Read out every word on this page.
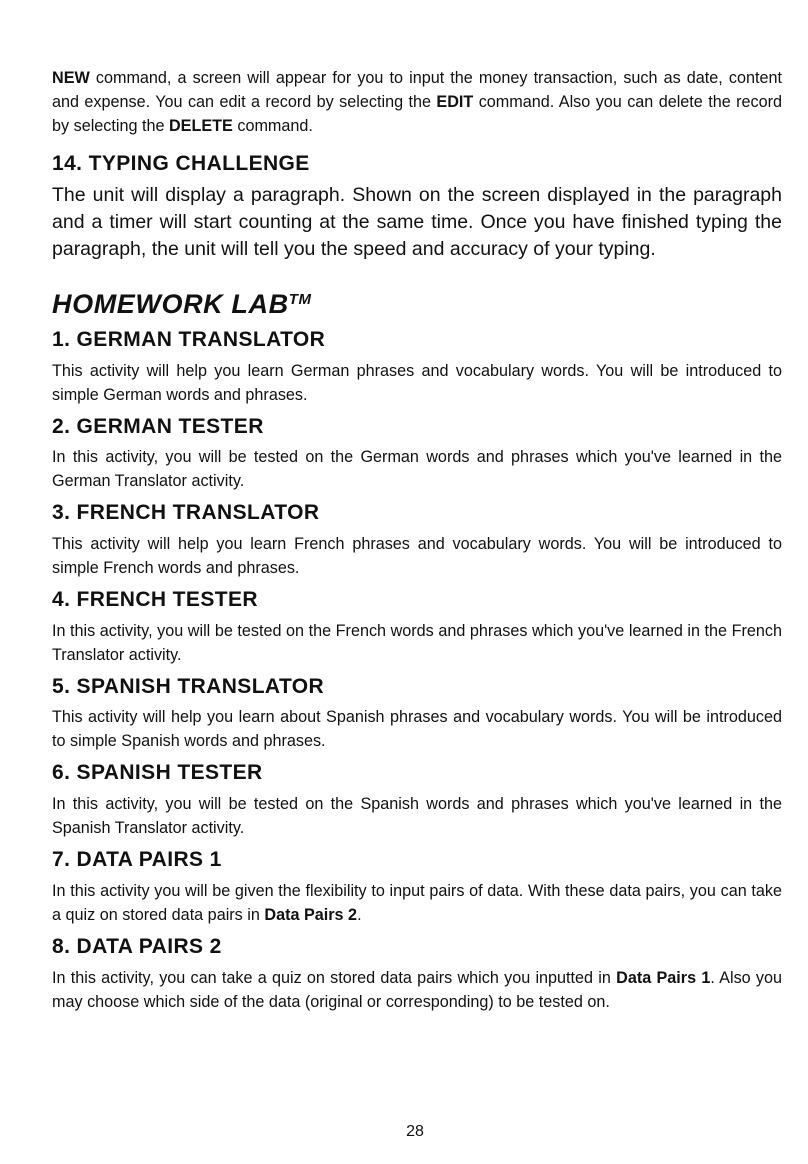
NEW command, a screen will appear for you to input the money transaction, such as date, content and expense. You can edit a record by selecting the EDIT command. Also you can delete the record by selecting the DELETE command.

14. TYPING CHALLENGE

The unit will display a paragraph. Shown on the screen displayed in the paragraph and a timer will start counting at the same time. Once you have finished typing the paragraph, the unit will tell you the speed and accuracy of your typing.

HOMEWORK LAB™
1. GERMAN TRANSLATOR

This activity will help you learn German phrases and vocabulary words. You will be introduced to simple German words and phrases.

2. GERMAN TESTER

In this activity, you will be tested on the German words and phrases which you've learned in the German Translator activity.

3. FRENCH TRANSLATOR

This activity will help you learn French phrases and vocabulary words. You will be introduced to simple French words and phrases.

4. FRENCH TESTER

In this activity, you will be tested on the French words and phrases which you've learned in the French Translator activity.

5. SPANISH TRANSLATOR

This activity will help you learn about Spanish phrases and vocabulary words. You will be introduced to simple Spanish words and phrases.

6. SPANISH TESTER

In this activity, you will be tested on the Spanish words and phrases which you've learned in the Spanish Translator activity.

7. DATA PAIRS 1

In this activity you will be given the flexibility to input pairs of data. With these data pairs, you can take a quiz on stored data pairs in Data Pairs 2.

8. DATA PAIRS 2

In this activity, you can take a quiz on stored data pairs which you inputted in Data Pairs 1. Also you may choose which side of the data (original or corresponding) to be tested on.

28
